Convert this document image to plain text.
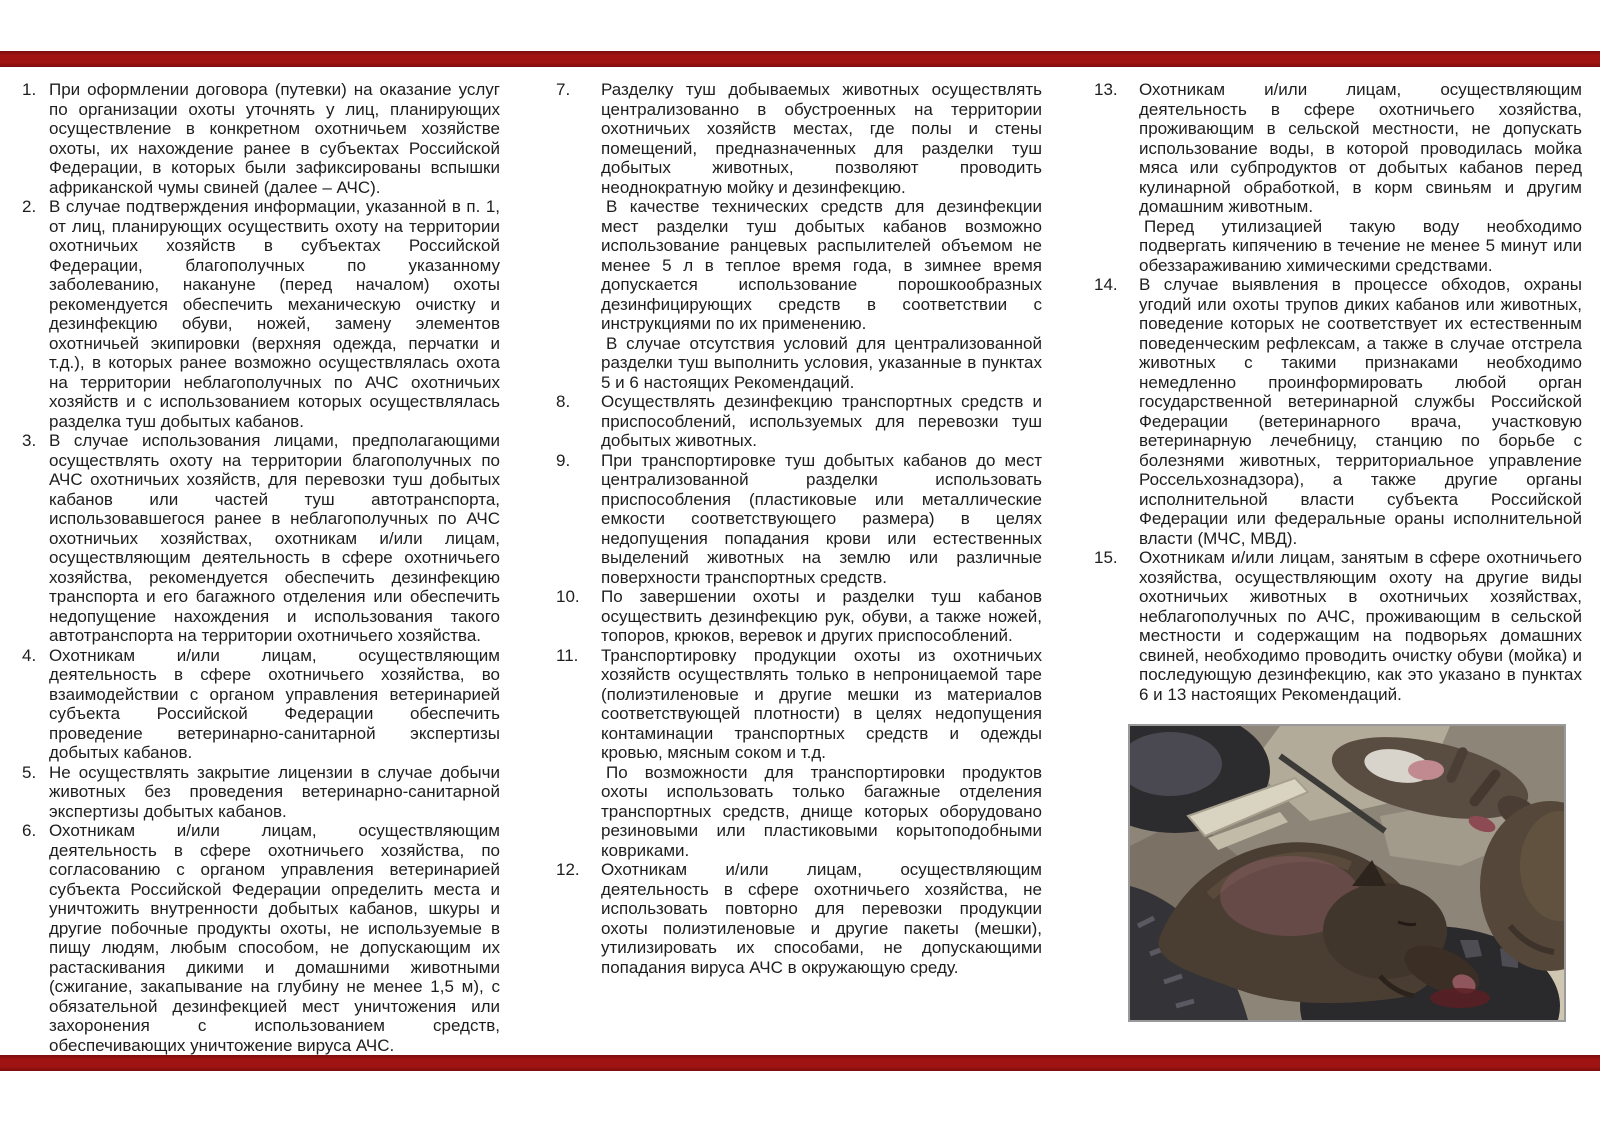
1. При оформлении договора (путевки) на оказание услуг по организации охоты уточнять у лиц, планирующих осуществление в конкретном охотничьем хозяйстве охоты, их нахождение ранее в субъектах Российской Федерации, в которых были зафиксированы вспышки африканской чумы свиней (далее – АЧС).

2. В случае подтверждения информации, указанной в п. 1, от лиц, планирующих осуществить охоту на территории охотничьих хозяйств в субъектах Российской Федерации, благополучных по указанному заболеванию, накануне (перед началом) охоты рекомендуется обеспечить механическую очистку и дезинфекцию обуви, ножей, замену элементов охотничьей экипировки (верхняя одежда, перчатки и т.д.), в которых ранее возможно осуществлялась охота на территории неблагополучных по АЧС охотничьих хозяйств и с использованием которых осуществлялась разделка туш добытых кабанов.

3. В случае использования лицами, предполагающими осуществлять охоту на территории благополучных по АЧС охотничьих хозяйств, для перевозки туш добытых кабанов или частей туш автотранспорта, использовавшегося ранее в неблагополучных по АЧС охотничьих хозяйствах, охотникам и/или лицам, осуществляющим деятельность в сфере охотничьего хозяйства, рекомендуется обеспечить дезинфекцию транспорта и его багажного отделения или обеспечить недопущение нахождения и использования такого автотранспорта на территории охотничьего хозяйства.

4. Охотникам и/или лицам, осуществляющим деятельность в сфере охотничьего хозяйства, во взаимодействии с органом управления ветеринарией субъекта Российской Федерации обеспечить проведение ветеринарно-санитарной экспертизы добытых кабанов.

5. Не осуществлять закрытие лицензии в случае добычи животных без проведения ветеринарно-санитарной экспертизы добытых кабанов.

6. Охотникам и/или лицам, осуществляющим деятельность в сфере охотничьего хозяйства, по согласованию с органом управления ветеринарией субъекта Российской Федерации определить места и уничтожить внутренности добытых кабанов, шкуры и другие побочные продукты охоты, не используемые в пищу людям, любым способом, не допускающим их растаскивания дикими и домашними животными (сжигание, закапывание на глубину не менее 1,5 м), с обязательной дезинфекцией мест уничтожения или захоронения с использованием средств, обеспечивающих уничтожение вируса АЧС.

7.	Разделку туш добываемых животных осуществлять централизованно в обустроенных на территории охотничьих хозяйств местах, где полы и стены помещений, предназначенных для разделки туш добытых животных, позволяют проводить неоднократную мойку и дезинфекцию.

В качестве технических средств для дезинфекции мест разделки туш добытых кабанов возможно использование ранцевых распылителей объемом не менее 5 л в теплое время года, в зимнее время допускается использование порошкообразных дезинфицирующих средств в соответствии с инструкциями по их применению.

В случае отсутствия условий для централизованной разделки туш выполнить условия, указанные в пунктах 5 и 6 настоящих Рекомендаций.

8.	Осуществлять дезинфекцию транспортных средств и приспособлений, используемых для перевозки туш добытых животных.

9.	При транспортировке туш добытых кабанов до мест централизованной разделки использовать приспособления (пластиковые или металлические емкости соответствующего размера) в целях недопущения попадания крови или естественных выделений животных на землю или различные поверхности транспортных средств.

10.	По завершении охоты и разделки туш кабанов осуществить дезинфекцию рук, обуви, а также ножей, топоров, крюков, веревок и других приспособлений.

11.	Транспортировку продукции охоты из охотничьих хозяйств осуществлять только в непроницаемой таре (полиэтиленовые и другие мешки из материалов соответствующей плотности) в целях недопущения контаминации транспортных средств и одежды кровью, мясным соком и т.д.

По возможности для транспортировки продуктов охоты использовать только багажные отделения транспортных средств, днище которых оборудовано резиновыми или пластиковыми корытоподобными ковриками.

12.	Охотникам и/или лицам, осуществляющим деятельность в сфере охотничьего хозяйства, не использовать повторно для перевозки продукции охоты полиэтиленовые и другие пакеты (мешки), утилизировать их способами, не допускающими попадания вируса АЧС в окружающую среду.

13.	Охотникам и/или лицам, осуществляющим деятельность в сфере охотничьего хозяйства, проживающим в сельской местности, не допускать использование воды, в которой проводилась мойка мяса или субпродуктов от добытых кабанов перед кулинарной обработкой, в корм свиньям и другим домашним животным.

Перед утилизацией такую воду необходимо подвергать кипячению в течение не менее 5 минут или обеззараживанию химическими средствами.

14.	В случае выявления в процессе обходов, охраны угодий или охоты трупов диких кабанов или животных, поведение которых не соответствует их естественным поведенческим рефлексам, а также в случае отстрела животных с такими признаками необходимо немедленно проинформировать любой орган государственной ветеринарной службы Российской Федерации (ветеринарного врача, участковую ветеринарную лечебницу, станцию по борьбе с болезнями животных, территориальное управление Россельхознадзора), а также другие органы исполнительной власти субъекта Российской Федерации или федеральные ораны исполнительной власти (МЧС, МВД).

15.	Охотникам и/или лицам, занятым в сфере охотничьего хозяйства, осуществляющим охоту на другие виды охотничьих животных в охотничьих хозяйствах, неблагополучных по АЧС, проживающим в сельской местности и содержащим на подворьях домашних свиней, необходимо проводить очистку обуви (мойка) и последующую дезинфекцию, как это указано в пунктах 6 и 13 настоящих Рекомендаций.
